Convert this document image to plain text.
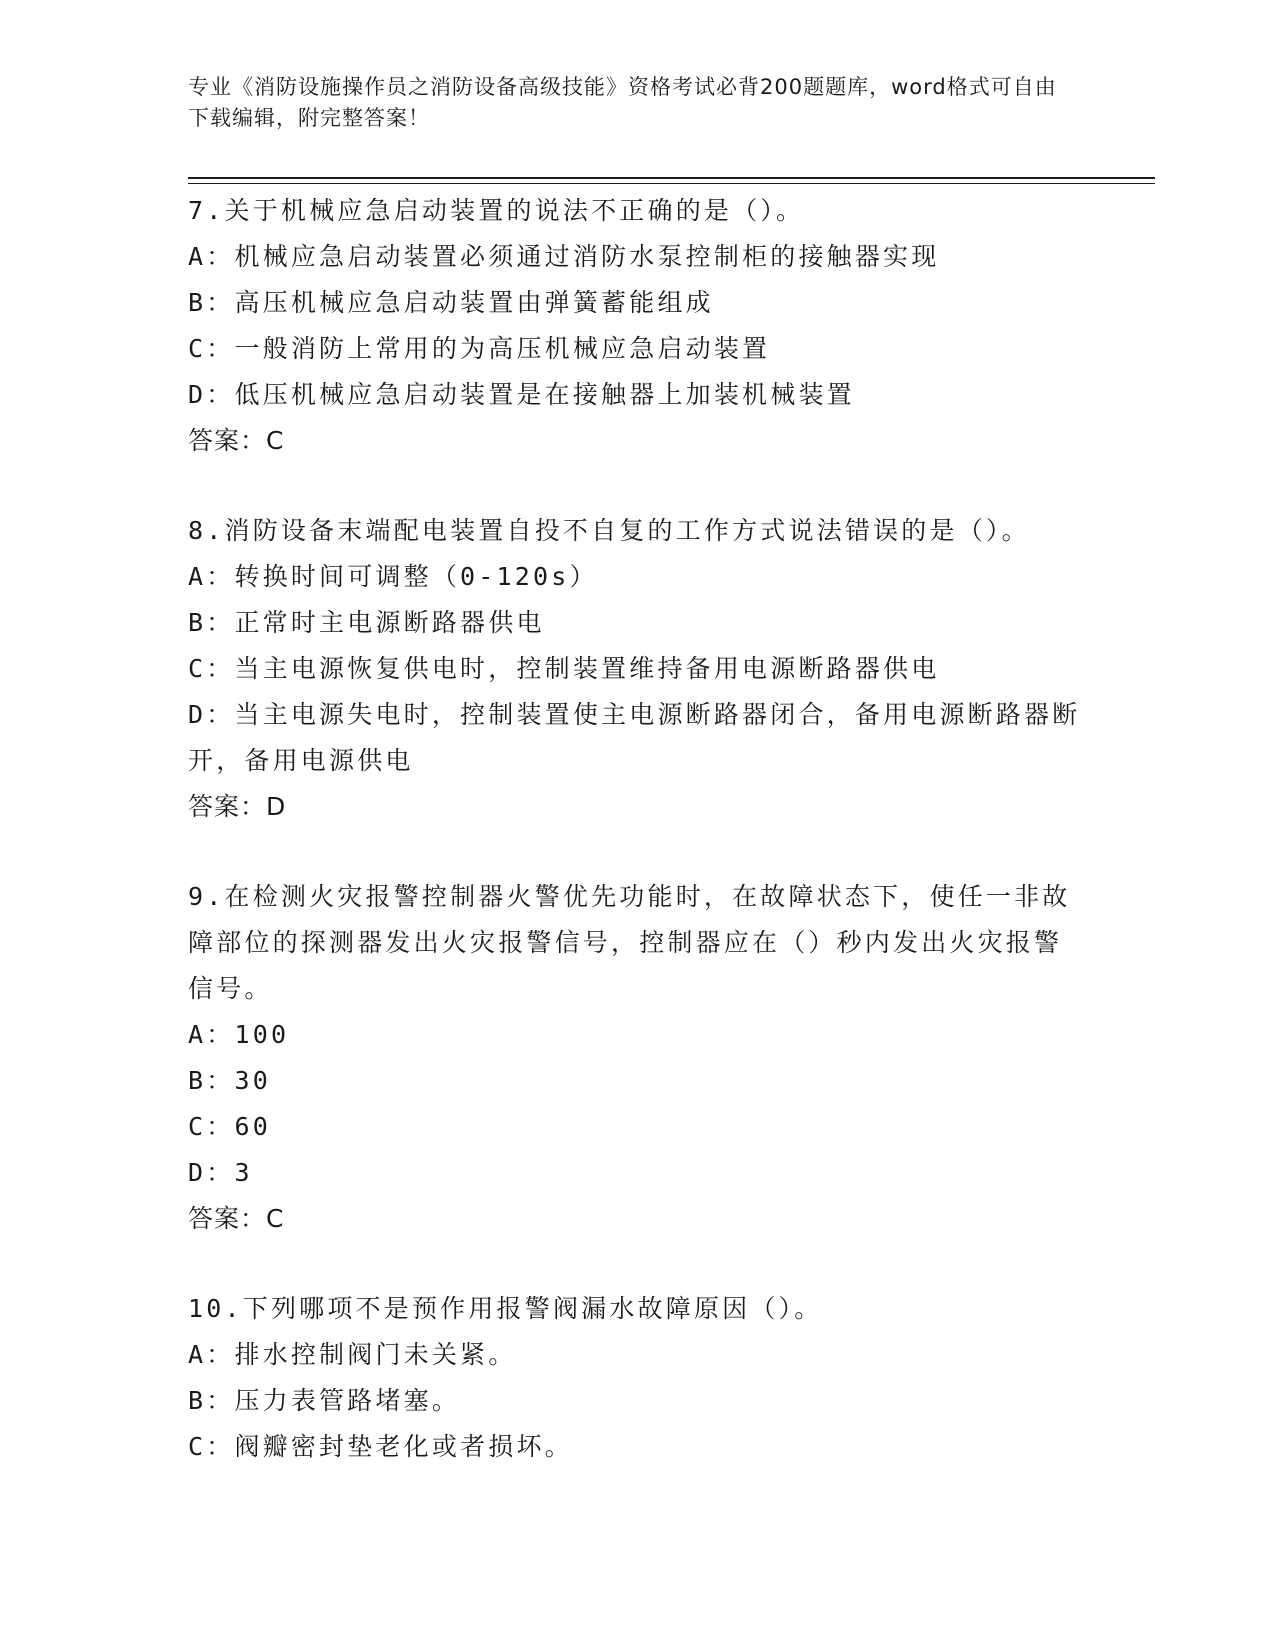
专业《消防设施操作员之消防设备高级技能》资格考试必背200题题库，word格式可自由下载编辑，附完整答案！
7.关于机械应急启动装置的说法不正确的是（）。
A：机械应急启动装置必须通过消防水泵控制柜的接触器实现
B：高压机械应急启动装置由弹簧蓄能组成
C：一般消防上常用的为高压机械应急启动装置
D：低压机械应急启动装置是在接触器上加装机械装置
答案：C
8.消防设备末端配电装置自投不自复的工作方式说法错误的是（）。
A：转换时间可调整（0-120s）
B：正常时主电源断路器供电
C：当主电源恢复供电时，控制装置维持备用电源断路器供电
D：当主电源失电时，控制装置使主电源断路器闭合，备用电源断路器断开，备用电源供电
答案：D
9.在检测火灾报警控制器火警优先功能时，在故障状态下，使任一非故障部位的探测器发出火灾报警信号，控制器应在（）秒内发出火灾报警信号。
A：100
B：30
C：60
D：3
答案：C
10.下列哪项不是预作用报警阀漏水故障原因（）。
A：排水控制阀门未关紧。
B：压力表管路堵塞。
C：阀瓣密封垫老化或者损坏。
